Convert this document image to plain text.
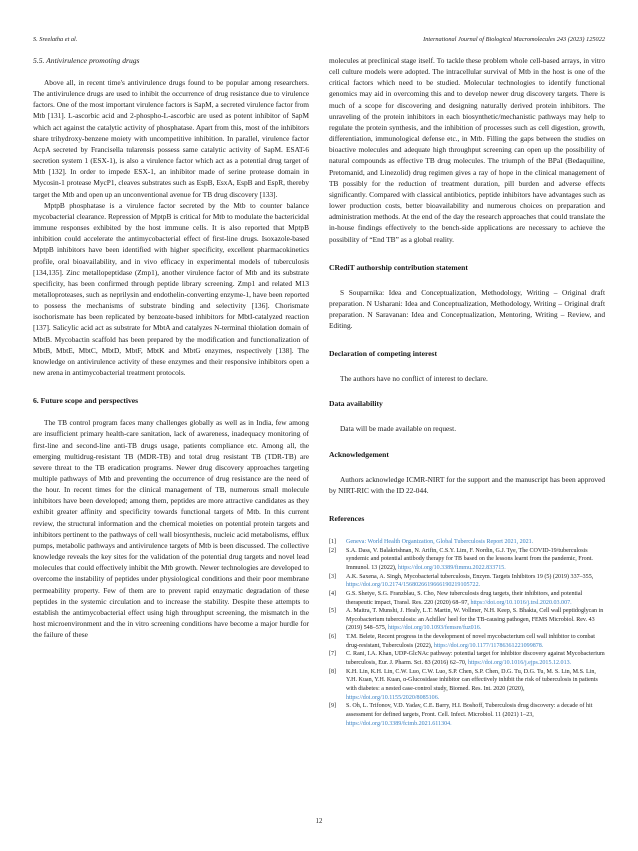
S. Sreelatha et al.	International Journal of Biological Macromolecules 243 (2023) 125022
5.5. Antivirulence promoting drugs

Above all, in recent time's antivirulence drugs found to be popular among researchers. The antivirulence drugs are used to inhibit the occurrence of drug resistance due to virulence factors. One of the most important virulence factors is SapM, a secreted virulence factor from Mtb [131]. L-ascorbic acid and 2-phospho-L-ascorbic are used as potent inhibitor of SapM which act against the catalytic activity of phosphatase. Apart from this, most of the inhibitors share trihydroxy-benzene moiety with uncompetitive inhibition. In parallel, virulence factor AcpA secreted by Francisella tularensis possess same catalytic activity of SapM. ESAT-6 secretion system 1 (ESX-1), is also a virulence factor which act as a potential drug target of Mtb [132]. In order to impede ESX-1, an inhibitor made of serine protease domain in Mycosin-1 protease MycP1, cleaves substrates such as EspB, EsxA, EspB and EspR, thereby target the Mtb and open up an unconventional avenue for TB drug discovery [133].

MptpB phosphatase is a virulence factor secreted by the Mtb to counter balance mycobacterial clearance. Repression of MptpB is critical for Mtb to modulate the bactericidal immune responses exhibited by the host immune cells. It is also reported that MptpB inhibition could accelerate the antimycobacterial effect of first-line drugs. Isoxazole-based MptpB inhibitors have been identified with higher specificity, excellent pharmacokinetics profile, oral bioavailability, and in vivo efficacy in experimental models of tuberculosis [134,135]. Zinc metallopeptidase (Zmp1), another virulence factor of Mtb and its substrate specificity, has been confirmed through peptide library screening. Zmp1 and related M13 metalloproteases, such as neprilysin and endothelin-converting enzyme-1, have been reported to possess the mechanisms of substrate binding and selectivity [136]. Chorismate isochorismate has been replicated by benzoate-based inhibitors for MbtI-catalyzed reaction [137]. Salicylic acid act as substrate for MbtA and catalyzes N-terminal thiolation domain of MbtB. Mycobactin scaffold has been prepared by the modification and functionalization of MbtB, MbtE, MbtC, MbtD, MbtF, MbtK and MbtG enzymes, respectively [138]. The knowledge on antivirulence activity of these enzymes and their responsive inhibitors open a new arena in antimycobacterial treatment protocols.

6. Future scope and perspectives

The TB control program faces many challenges globally as well as in India, few among are insufficient primary health-care sanitation, lack of awareness, inadequacy monitoring of first-line and second-line anti-TB drugs usage, patients compliance etc. Among all, the emerging multidrug-resistant TB (MDR-TB) and total drug resistant TB (TDR-TB) are severe threat to the TB eradication programs. Newer drug discovery approaches targeting multiple pathways of Mtb and preventing the occurrence of drug resistance are the need of the hour. In recent times for the clinical management of TB, numerous small molecule inhibitors have been developed; among them, peptides are more attractive candidates as they exhibit greater affinity and specificity towards functional targets of Mtb. In this current review, the structural information and the chemical moieties on potential protein targets and inhibitors pertinent to the pathways of cell wall biosynthesis, nucleic acid metabolisms, efflux pumps, metabolic pathways and antivirulence targets of Mtb is been discussed. The collective knowledge reveals the key sites for the validation of the potential drug targets and novel lead molecules that could effectively inhibit the Mtb growth. Newer technologies are developed to overcome the instability of peptides under physiological conditions and their poor membrane permeability property. Few of them are to prevent rapid enzymatic degradation of these peptides in the systemic circulation and to increase the stability. Despite these attempts to establish the antimycobacterial effect using high throughput screening, the mismatch in the host microenvironment and the in vitro screening conditions have become a major hurdle for the failure of these

molecules at preclinical stage itself. To tackle these problem whole cell-based arrays, in vitro cell culture models were adopted. The intracellular survival of Mtb in the host is one of the critical factors which need to be studied. Molecular technologies to identify functional genomics may aid in overcoming this and to develop newer drug discovery targets. There is much of a scope for discovering and designing naturally derived protein inhibitors. The unraveling of the protein inhibitors in each biosynthetic/mechanistic pathways may help to regulate the protein synthesis, and the inhibition of processes such as cell digestion, growth, differentiation, immunological defense etc., in Mtb. Filling the gaps between the studies on bioactive molecules and adequate high throughput screening can open up the possibility of natural compounds as effective TB drug molecules. The triumph of the BPaI (Bedaquiline, Pretomanid, and Linezolid) drug regimen gives a ray of hope in the clinical management of TB possibly for the reduction of treatment duration, pill burden and adverse effects significantly. Compared with classical antibiotics, peptide inhibitors have advantages such as lower production costs, better bioavailability and numerous choices on preparation and administration methods. At the end of the day the research approaches that could translate the in-house findings effectively to the bench-side applications are necessary to achieve the possibility of “End TB” as a global reality.

CRediT authorship contribution statement

S Souparnika: Idea and Conceptualization, Methodology, Writing – Original draft preparation. N Usharani: Idea and Conceptualization, Methodology, Writing – Original draft preparation. N Saravanan: Idea and Conceptualization, Mentoring, Writing – Review, and Editing.

Declaration of competing interest

The authors have no conflict of interest to declare.

Data availability

Data will be made available on request.

Acknowledgement

Authors acknowledge ICMR-NIRT for the support and the manuscript has been approved by NIRT-RIC with the ID 22-044.

References
[1]	Geneva: World Health Organization, Global Tuberculosis Report 2021, 2021.
[2]	S.A. Dass, V. Balakrishnan, N. Arifin, C.S.Y. Lim, F. Nordin, G.J. Tye, The COVID-19/tuberculosis syndemic and potential antibody therapy for TB based on the lessons learnt from the pandemic, Front. Immunol. 13 (2022), https://doi.org/10.3389/fimmu.2022.833715.
[3]	A.K. Saxena, A. Singh, Mycobacterial tuberculosis, Enzym. Targets Inhibitors 19 (5) (2019) 337–355, https://doi.org/10.2174/1568026619666190219105722.
[4]	G.S. Shetye, S.G. Franzblau, S. Cho, New tuberculosis drug targets, their inhibitors, and potential therapeutic impact, Transl. Res. 220 (2020) 68–97, https://doi.org/10.1016/j.trsl.2020.03.007.
[5]	A. Maitra, T. Munshi, J. Healy, L.T. Martin, W. Vollmer, N.H. Keep, S. Bhakta, Cell wall peptidoglycan in Mycobacterium tuberculosis: an Achilles' heel for the TB-causing pathogen, FEMS Microbiol. Rev. 43 (2019) 548–575, https://doi.org/10.1093/femsre/fuz016.
[6]	T.M. Belete, Recent progress in the development of novel mycobacterium cell wall inhibitor to combat drug-resistant, Tuberculosis (2022), https://doi.org/10.1177/11786361221099878.
[7]	C. Rani, I.A. Khan, UDP-GlcNAc pathway: potential target for inhibitor discovery against Mycobacterium tuberculosis, Eur. J. Pharm. Sci. 83 (2016) 62–70, https://doi.org/10.1016/j.ejps.2015.12.013.
[8]	K.H. Lin, K.H. Lin, C.W. Luo, C.W. Luo, S.P. Chen, S.P. Chen, D.G. Tu, D.G. Tu, M. S. Lin, M.S. Lin, Y.H. Kuan, Y.H. Kuan, α-Glucosidase inhibitor can effectively inhibit the risk of tuberculosis in patients with diabetes: a nested case-control study, Biomed. Res. Int. 2020 (2020), https://doi.org/10.1155/2020/8085106.
[9]	S. Oh, L. Trifonov, V.D. Yadav, C.E. Barry, H.I. Boshoff, Tuberculosis drug discovery: a decade of hit assessment for defined targets, Front. Cell. Infect. Microbiol. 11 (2021) 1–23, https://doi.org/10.3389/fcimb.2021.611304.
12
